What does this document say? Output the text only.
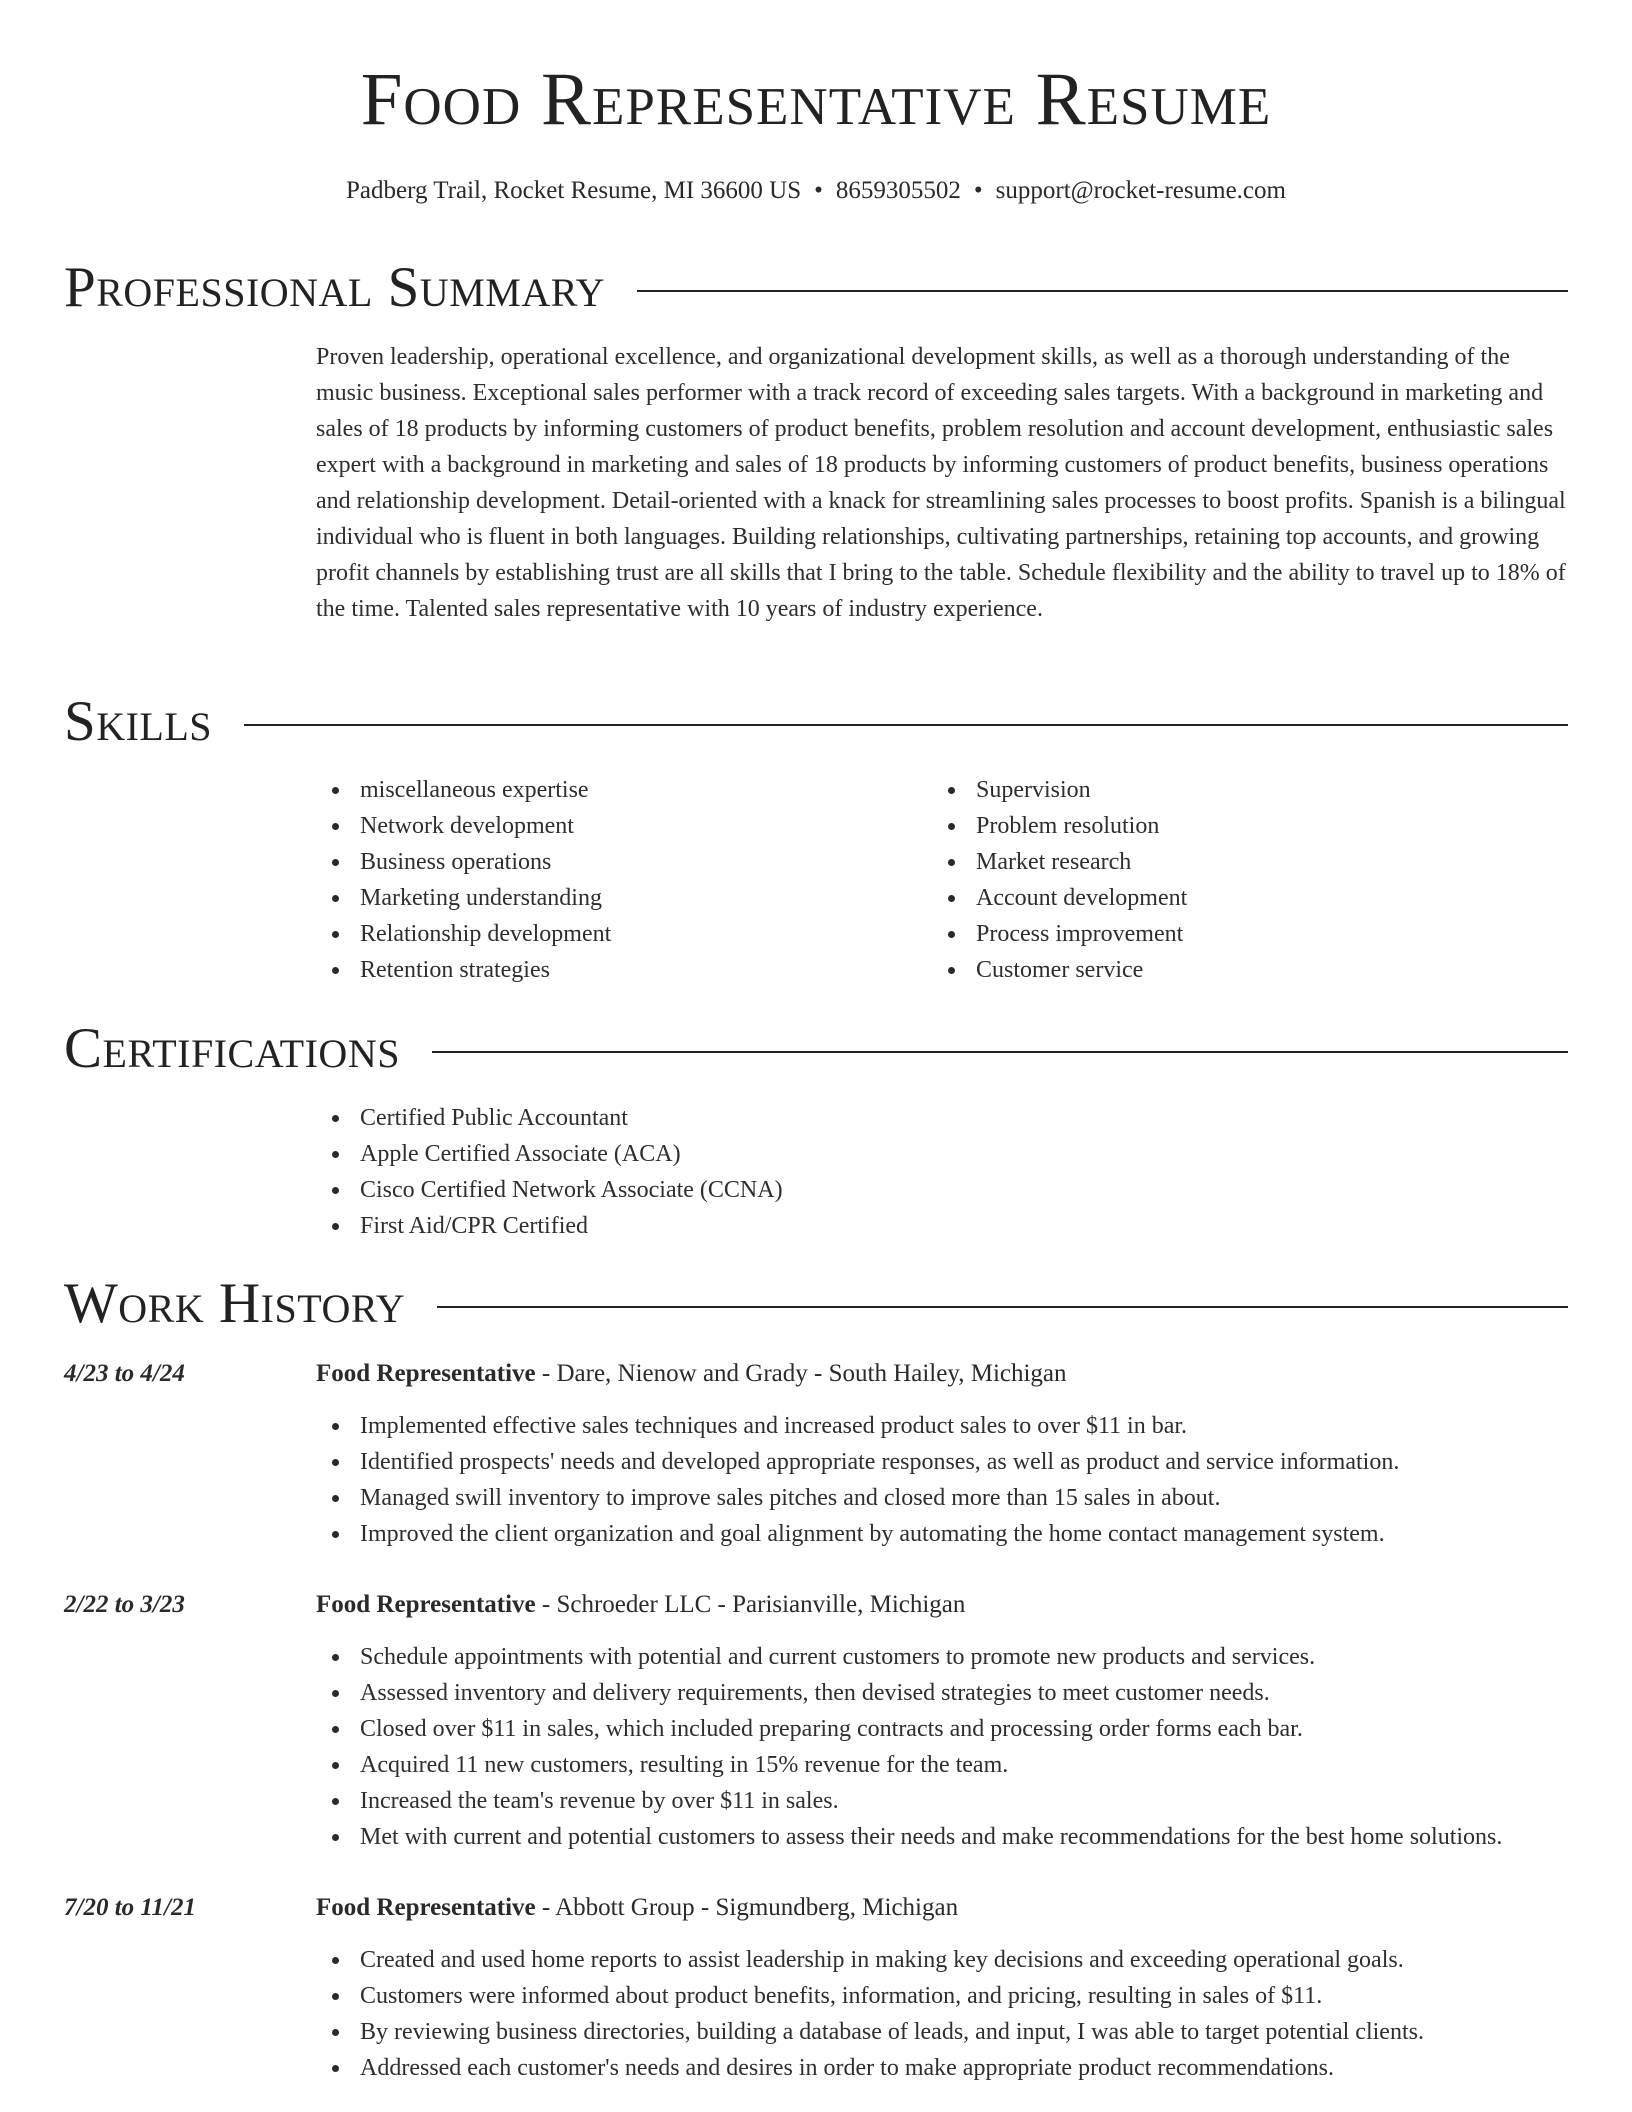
Food Representative Resume
Padberg Trail, Rocket Resume, MI 36600 US • 8659305502 • support@rocket-resume.com
Professional Summary

Proven leadership, operational excellence, and organizational development skills, as well as a thorough understanding of the music business. Exceptional sales performer with a track record of exceeding sales targets. With a background in marketing and sales of 18 products by informing customers of product benefits, problem resolution and account development, enthusiastic sales expert with a background in marketing and sales of 18 products by informing customers of product benefits, business operations and relationship development. Detail-oriented with a knack for streamlining sales processes to boost profits. Spanish is a bilingual individual who is fluent in both languages. Building relationships, cultivating partnerships, retaining top accounts, and growing profit channels by establishing trust are all skills that I bring to the table. Schedule flexibility and the ability to travel up to 18% of the time. Talented sales representative with 10 years of industry experience.

Skills
miscellaneous expertise
Network development
Business operations
Marketing understanding
Relationship development
Retention strategies
Supervision
Problem resolution
Market research
Account development
Process improvement
Customer service
Certifications
Certified Public Accountant
Apple Certified Associate (ACA)
Cisco Certified Network Associate (CCNA)
First Aid/CPR Certified
Work History
4/23 to 4/24	Food Representative - Dare, Nienow and Grady - South Hailey, Michigan
Implemented effective sales techniques and increased product sales to over $11 in bar.
Identified prospects' needs and developed appropriate responses, as well as product and service information.
Managed swill inventory to improve sales pitches and closed more than 15 sales in about.
Improved the client organization and goal alignment by automating the home contact management system.
2/22 to 3/23	Food Representative - Schroeder LLC - Parisianville, Michigan
Schedule appointments with potential and current customers to promote new products and services.
Assessed inventory and delivery requirements, then devised strategies to meet customer needs.
Closed over $11 in sales, which included preparing contracts and processing order forms each bar.
Acquired 11 new customers, resulting in 15% revenue for the team.
Increased the team's revenue by over $11 in sales.
Met with current and potential customers to assess their needs and make recommendations for the best home solutions.
7/20 to 11/21	Food Representative - Abbott Group - Sigmundberg, Michigan
Created and used home reports to assist leadership in making key decisions and exceeding operational goals.
Customers were informed about product benefits, information, and pricing, resulting in sales of $11.
By reviewing business directories, building a database of leads, and input, I was able to target potential clients.
Addressed each customer's needs and desires in order to make appropriate product recommendations.
